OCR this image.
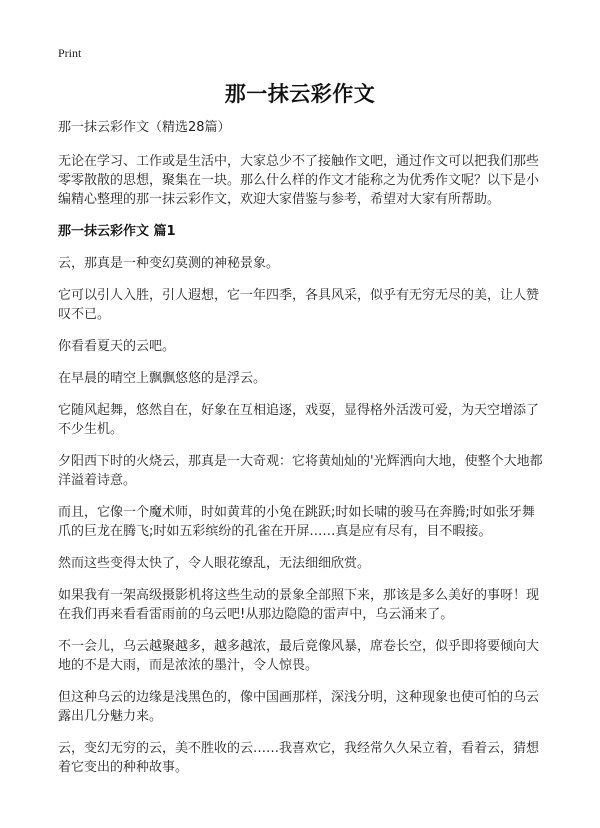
Print
那一抹云彩作文

那一抹云彩作文（精选28篇）

无论在学习、工作或是生活中，大家总少不了接触作文吧，通过作文可以把我们那些零零散散的思想，聚集在一块。那么什么样的作文才能称之为优秀作文呢？以下是小编精心整理的那一抹云彩作文，欢迎大家借鉴与参考，希望对大家有所帮助。

那一抹云彩作文 篇1

云，那真是一种变幻莫测的神秘景象。

它可以引人入胜，引人遐想，它一年四季，各具风采，似乎有无穷无尽的美，让人赞叹不已。

你看看夏天的云吧。

在早晨的晴空上飘飘悠悠的是浮云。

它随风起舞，悠然自在，好象在互相追逐，戏耍，显得格外活泼可爱，为天空增添了不少生机。

夕阳西下时的火烧云，那真是一大奇观：它将黄灿灿的'光辉洒向大地，使整个大地都洋溢着诗意。

而且，它像一个魔术师，时如黄茸的小兔在跳跃;时如长啸的骏马在奔腾;时如张牙舞爪的巨龙在腾飞;时如五彩缤纷的孔雀在开屏……真是应有尽有，目不暇接。

然而这些变得太快了，令人眼花缭乱，无法细细欣赏。

如果我有一架高级摄影机将这些生动的景象全部照下来，那该是多么美好的事呀！现在我们再来看看雷雨前的乌云吧!从那边隐隐的雷声中，乌云涌来了。

不一会儿，乌云越聚越多，越多越浓，最后竟像风暴，席卷长空，似乎即将要倾向大地的不是大雨，而是浓浓的墨汁，令人惊畏。

但这种乌云的边缘是浅黑色的，像中国画那样，深浅分明，这种现象也使可怕的乌云露出几分魅力来。

云，变幻无穷的云，美不胜收的云……我喜欢它，我经常久久呆立着，看着云，猜想着它变出的种种故事。
